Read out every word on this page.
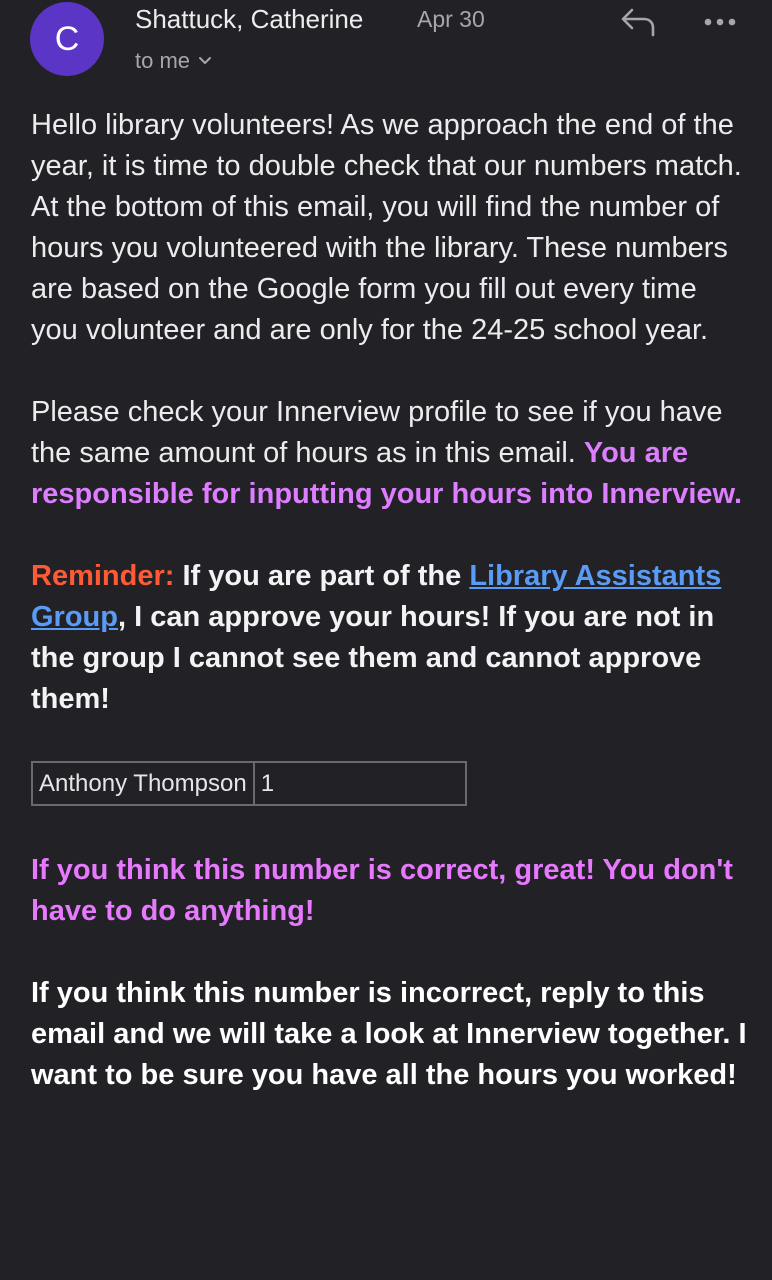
C
Shattuck, Catherine Apr 30
to me

Hello library volunteers! As we approach the end of the year, it is time to double check that our numbers match. At the bottom of this email, you will find the number of hours you volunteered with the library. These numbers are based on the Google form you fill out every time you volunteer and are only for the 24-25 school year.

Please check your Innerview profile to see if you have the same amount of hours as in this email. You are responsible for inputting your hours into Innerview.

Reminder: If you are part of the Library Assistants Group, I can approve your hours! If you are not in the group I cannot see them and cannot approve them!

Anthony Thompson	1

If you think this number is correct, great! You don't have to do anything!

If you think this number is incorrect, reply to this email and we will take a look at Innerview together. I want to be sure you have all the hours you worked!
